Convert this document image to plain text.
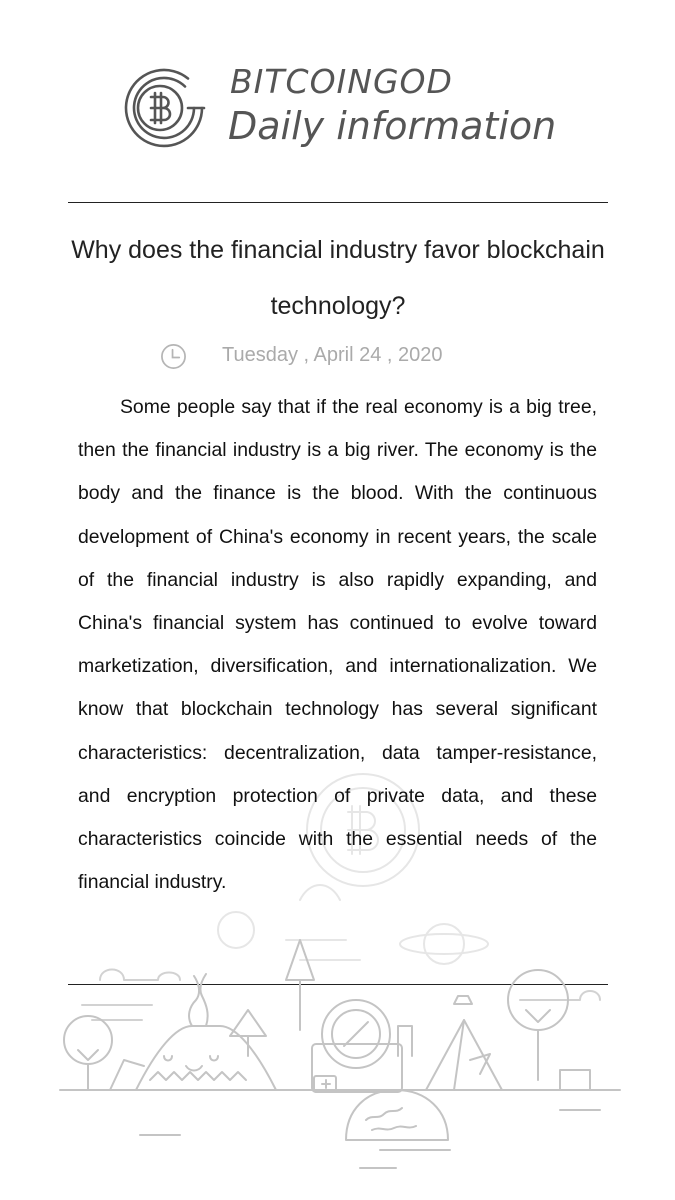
BITCOINGOD
Daily information
Why does the financial industry favor blockchain technology?
Tuesday , April 24 , 2020

Some people say that if the real economy is a big tree, then the financial industry is a big river. The economy is the body and the finance is the blood. With the continuous development of China's economy in recent years, the scale of the financial industry is also rapidly expanding, and China's financial system has continued to evolve toward marketization, diversification, and internationalization. We know that blockchain technology has several significant characteristics: decentralization, data tamper-resistance, and encryption protection of private data, and these characteristics coincide with the essential needs of the financial industry.
